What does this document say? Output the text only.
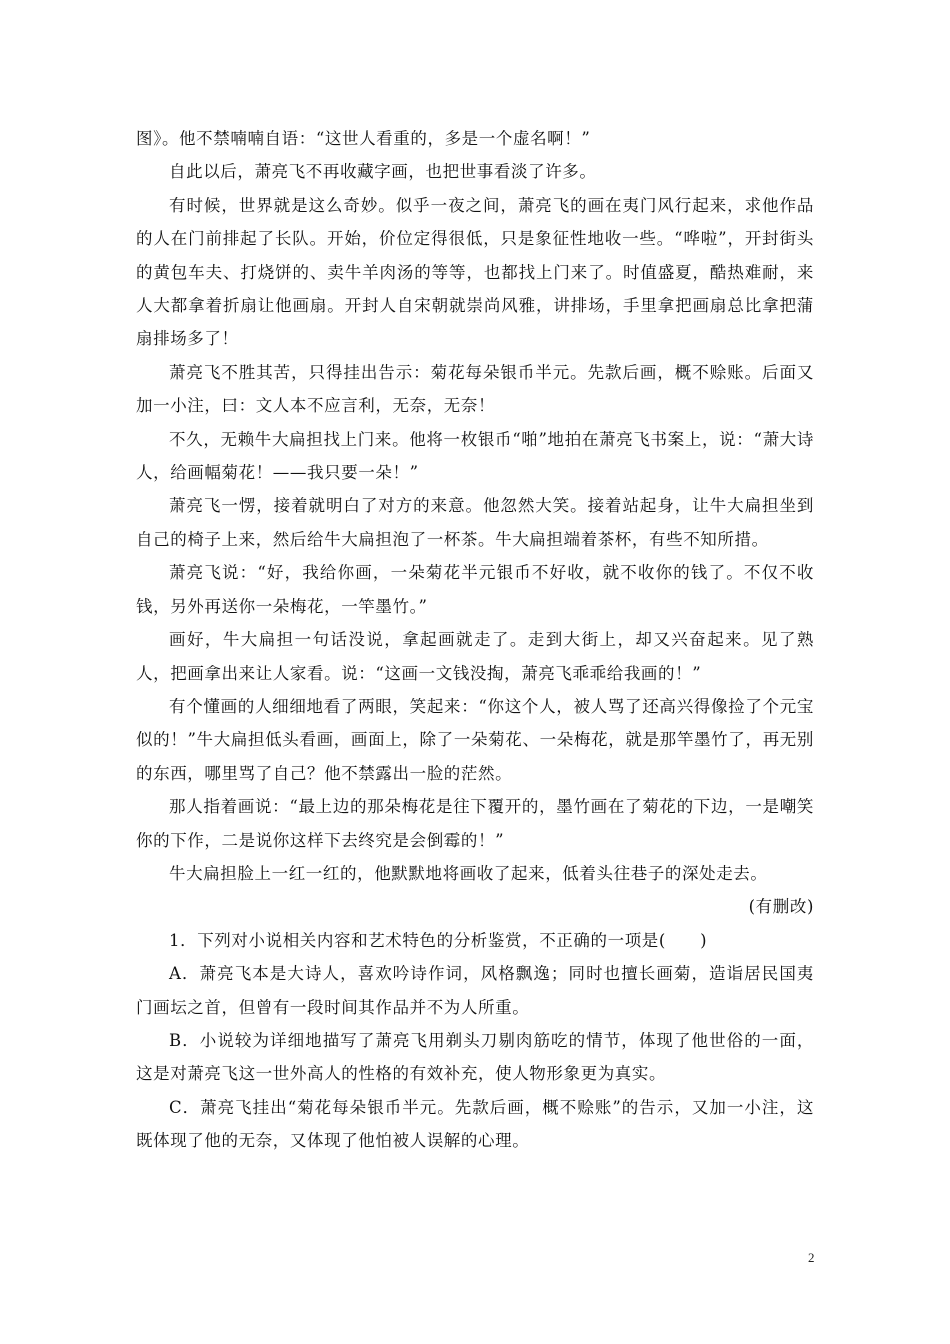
图》。他不禁喃喃自语：“这世人看重的，多是一个虚名啊！”

自此以后，萧亮飞不再收藏字画，也把世事看淡了许多。

有时候，世界就是这么奇妙。似乎一夜之间，萧亮飞的画在夷门风行起来，求他作品的人在门前排起了长队。开始，价位定得很低，只是象征性地收一些。“哗啦”，开封街头的黄包车夫、打烧饼的、卖牛羊肉汤的等等，也都找上门来了。时值盛夏，酷热难耐，来人大都拿着折扇让他画扇。开封人自宋朝就崇尚风雅，讲排场，手里拿把画扇总比拿把蒲扇排场多了！

萧亮飞不胜其苦，只得挂出告示：菊花每朵银币半元。先款后画，概不赊账。后面又加一小注，曰：文人本不应言利，无奈，无奈！

不久，无赖牛大扁担找上门来。他将一枚银币“啪”地拍在萧亮飞书案上，说：“萧大诗人，给画幅菊花！——我只要一朵！”

萧亮飞一愣，接着就明白了对方的来意。他忽然大笑。接着站起身，让牛大扁担坐到自己的椅子上来，然后给牛大扁担泡了一杯茶。牛大扁担端着茶杯，有些不知所措。

萧亮飞说：“好，我给你画，一朵菊花半元银币不好收，就不收你的钱了。不仅不收钱，另外再送你一朵梅花，一竿墨竹。”

画好，牛大扁担一句话没说，拿起画就走了。走到大街上，却又兴奋起来。见了熟人，把画拿出来让人家看。说：“这画一文钱没掏，萧亮飞乖乖给我画的！”

有个懂画的人细细地看了两眼，笑起来：“你这个人，被人骂了还高兴得像捡了个元宝似的！”牛大扁担低头看画，画面上，除了一朵菊花、一朵梅花，就是那竿墨竹了，再无别的东西，哪里骂了自己？他不禁露出一脸的茫然。

那人指着画说：“最上边的那朵梅花是往下覆开的，墨竹画在了菊花的下边，一是嘲笑你的下作，二是说你这样下去终究是会倒霉的！”

牛大扁担脸上一红一红的，他默默地将画收了起来，低着头往巷子的深处走去。

(有删改)

1．下列对小说相关内容和艺术特色的分析鉴赏，不正确的一项是(　　)

A．萧亮飞本是大诗人，喜欢吟诗作词，风格飘逸；同时也擅长画菊，造诣居民国夷门画坛之首，但曾有一段时间其作品并不为人所重。

B．小说较为详细地描写了萧亮飞用剃头刀剔肉筋吃的情节，体现了他世俗的一面，这是对萧亮飞这一世外高人的性格的有效补充，使人物形象更为真实。

C．萧亮飞挂出“菊花每朵银币半元。先款后画，概不赊账”的告示，又加一小注，这既体现了他的无奈，又体现了他怕被人误解的心理。

2
